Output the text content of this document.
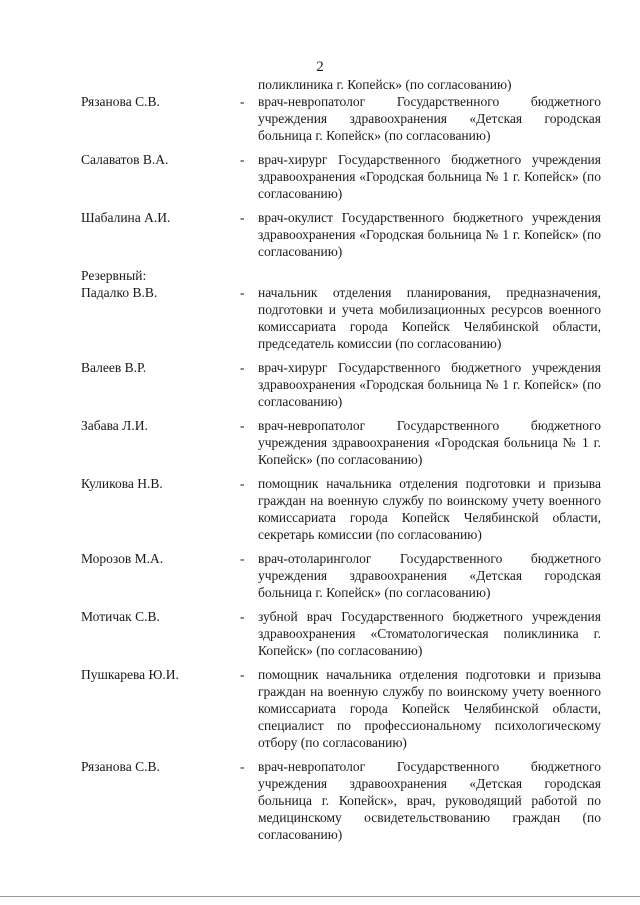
2
поликлиника г. Копейск» (по согласованию)
Рязанова С.В.	-	врач-невропатолог Государственного бюджетного учреждения здравоохранения «Детская городская больница г. Копейск» (по согласованию)
Салаватов В.А.	-	врач-хирург Государственного бюджетного учреждения здравоохранения «Городская больница № 1 г. Копейск» (по согласованию)
Шабалина А.И.	-	врач-окулист Государственного бюджетного учреждения здравоохранения «Городская больница № 1 г. Копейск» (по согласованию)
Резервный:
Падалко В.В.	-	начальник отделения планирования, предназначения, подготовки и учета мобилизационных ресурсов военного комиссариата города Копейск Челябинской области, председатель комиссии (по согласованию)
Валеев В.Р.	-	врач-хирург Государственного бюджетного учреждения здравоохранения «Городская больница № 1 г. Копейск» (по согласованию)
Забава Л.И.	-	врач-невропатолог Государственного бюджетного учреждения здравоохранения «Городская больница № 1 г. Копейск» (по согласованию)
Куликова Н.В.	-	помощник начальника отделения подготовки и призыва граждан на военную службу по воинскому учету военного комиссариата города Копейск Челябинской области, секретарь комиссии (по согласованию)
Морозов М.А.	-	врач-отоларинголог Государственного бюджетного учреждения здравоохранения «Детская городская больница г. Копейск» (по согласованию)
Мотичак С.В.	-	зубной врач Государственного бюджетного учреждения здравоохранения «Стоматологическая поликлиника г. Копейск» (по согласованию)
Пушкарева Ю.И.	-	помощник начальника отделения подготовки и призыва граждан на военную службу по воинскому учету военного комиссариата города Копейск Челябинской области, специалист по профессиональному психологическому отбору (по согласованию)
Рязанова С.В.	-	врач-невропатолог Государственного бюджетного учреждения здравоохранения «Детская городская больница г. Копейск», врач, руководящий работой по медицинскому освидетельствованию граждан (по согласованию)
